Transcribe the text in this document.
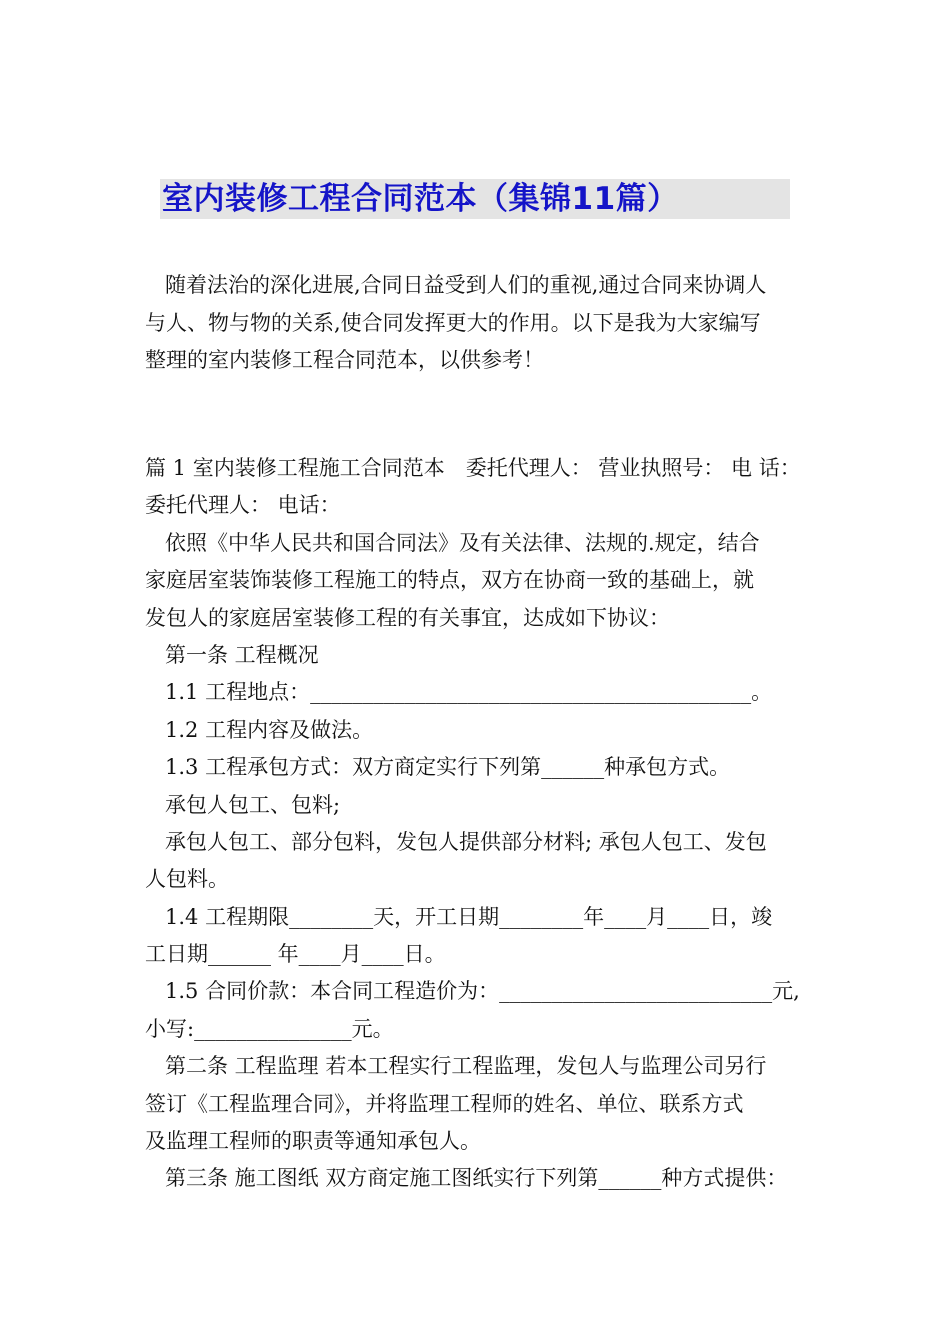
室内装修工程合同范本（集锦11篇）
随着法治的深化进展,合同日益受到人们的重视,通过合同来协调人
与人、物与物的关系,使合同发挥更大的作用。以下是我为大家编写
整理的室内装修工程合同范本，以供参考！
篇 1 室内装修工程施工合同范本　委托代理人： 营业执照号： 电 话：
委托代理人： 电话：
依照《中华人民共和国合同法》及有关法律、法规的.规定，结合
家庭居室装饰装修工程施工的特点，双方在协商一致的基础上，就
发包人的家庭居室装修工程的有关事宜，达成如下协议：
第一条 工程概况
1.1 工程地点：__________________________________________。
1.2 工程内容及做法。
1.3 工程承包方式：双方商定实行下列第______种承包方式。
承包人包工、包料;
承包人包工、部分包料，发包人提供部分材料; 承包人包工、发包
人包料。
1.4 工程期限________天，开工日期________年____月____日，竣
工日期______ 年____月____日。
1.5 合同价款：本合同工程造价为：__________________________元,
小写:_______________元。
第二条 工程监理 若本工程实行工程监理，发包人与监理公司另行
签订《工程监理合同》，并将监理工程师的姓名、单位、联系方式
及监理工程师的职责等通知承包人。
第三条 施工图纸 双方商定施工图纸实行下列第______种方式提供：
